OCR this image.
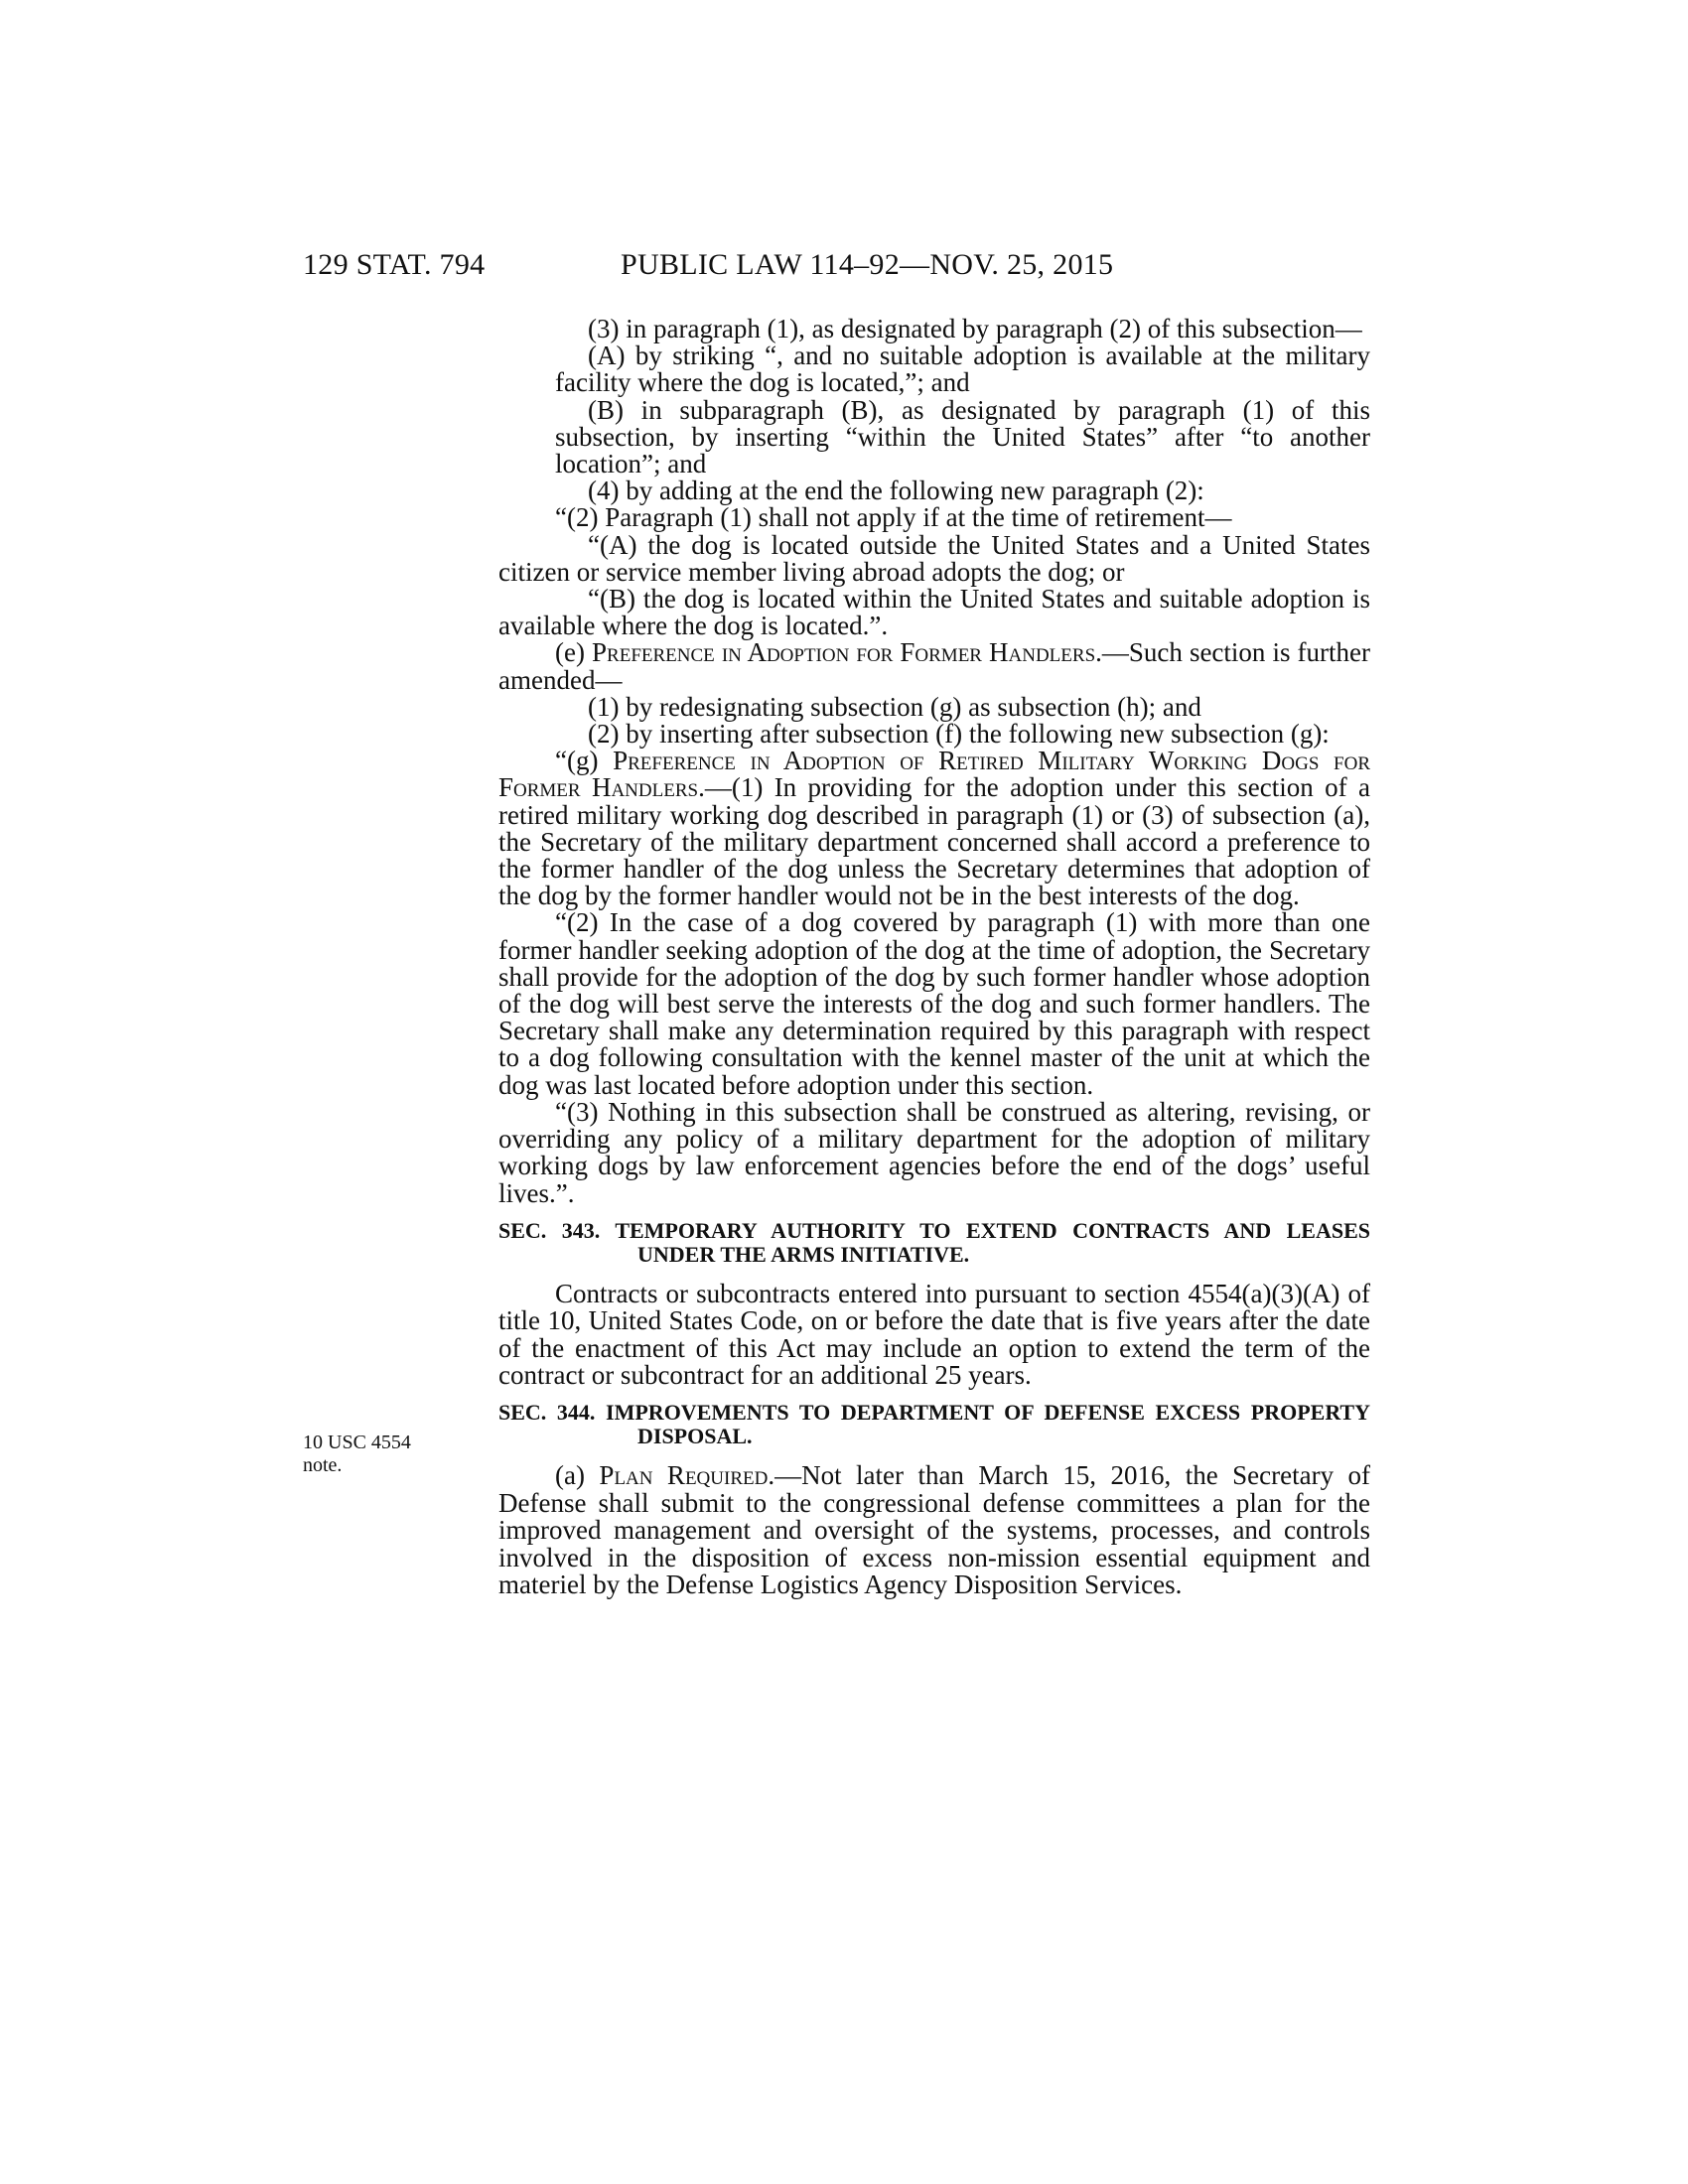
129 STAT. 794	PUBLIC LAW 114–92—NOV. 25, 2015
10 USC 4554
note.

(3) in paragraph (1), as designated by paragraph (2) of this subsection—

(A) by striking “, and no suitable adoption is available at the military facility where the dog is located,”; and

(B) in subparagraph (B), as designated by paragraph (1) of this subsection, by inserting “within the United States” after “to another location”; and

(4) by adding at the end the following new paragraph (2):

“(2) Paragraph (1) shall not apply if at the time of retirement—

“(A) the dog is located outside the United States and a United States citizen or service member living abroad adopts the dog; or

“(B) the dog is located within the United States and suitable adoption is available where the dog is located.”.

(e) Preference in Adoption for Former Handlers.—Such section is further amended—

(1) by redesignating subsection (g) as subsection (h); and

(2) by inserting after subsection (f) the following new subsection (g):

“(g) Preference in Adoption of Retired Military Working Dogs for Former Handlers.—(1) In providing for the adoption under this section of a retired military working dog described in paragraph (1) or (3) of subsection (a), the Secretary of the military department concerned shall accord a preference to the former handler of the dog unless the Secretary determines that adoption of the dog by the former handler would not be in the best interests of the dog.

“(2) In the case of a dog covered by paragraph (1) with more than one former handler seeking adoption of the dog at the time of adoption, the Secretary shall provide for the adoption of the dog by such former handler whose adoption of the dog will best serve the interests of the dog and such former handlers. The Secretary shall make any determination required by this paragraph with respect to a dog following consultation with the kennel master of the unit at which the dog was last located before adoption under this section.

“(3) Nothing in this subsection shall be construed as altering, revising, or overriding any policy of a military department for the adoption of military working dogs by law enforcement agencies before the end of the dogs’ useful lives.”.

SEC. 343. TEMPORARY AUTHORITY TO EXTEND CONTRACTS AND LEASES UNDER THE ARMS INITIATIVE.

Contracts or subcontracts entered into pursuant to section 4554(a)(3)(A) of title 10, United States Code, on or before the date that is five years after the date of the enactment of this Act may include an option to extend the term of the contract or subcontract for an additional 25 years.

SEC. 344. IMPROVEMENTS TO DEPARTMENT OF DEFENSE EXCESS PROPERTY DISPOSAL.

(a) Plan Required.—Not later than March 15, 2016, the Secretary of Defense shall submit to the congressional defense committees a plan for the improved management and oversight of the systems, processes, and controls involved in the disposition of excess non-mission essential equipment and materiel by the Defense Logistics Agency Disposition Services.
